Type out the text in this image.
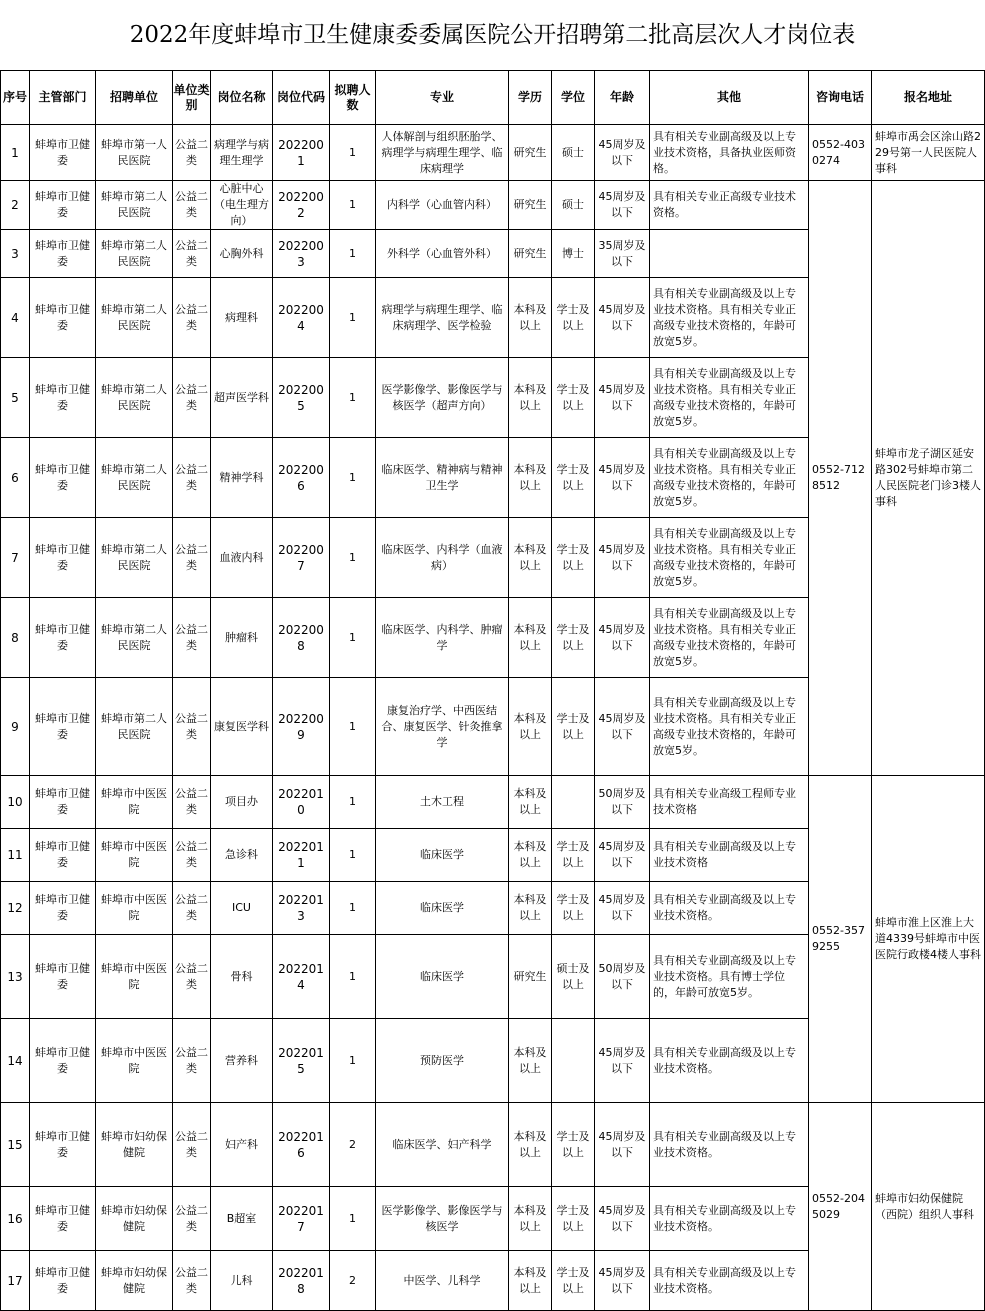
2022年度蚌埠市卫生健康委委属医院公开招聘第二批高层次人才岗位表
序号	主管部门	招聘单位	单位类别	岗位名称	岗位代码	拟聘人数	专业	学历	学位	年龄	其他	咨询电话	报名地址
1	蚌埠市卫健委	蚌埠市第一人民医院	公益二类	病理学与病理生理学	2022001	1	人体解剖与组织胚胎学、病理学与病理生理学、临床病理学	研究生	硕士	45周岁及以下	具有相关专业副高级及以上专业技术资格，具备执业医师资格。	0552-4030274	蚌埠市禹会区涂山路229号第一人民医院人事科
2	蚌埠市卫健委	蚌埠市第二人民医院	公益二类	心脏中心（电生理方向）	2022002	1	内科学（心血管内科）	研究生	硕士	45周岁及以下	具有相关专业正高级专业技术资格。	0552-7128512	蚌埠市龙子湖区延安路302号蚌埠市第二人民医院老门诊3楼人事科
3	蚌埠市卫健委	蚌埠市第二人民医院	公益二类	心胸外科	2022003	1	外科学（心血管外科）	研究生	博士	35周岁及以下			
4	蚌埠市卫健委	蚌埠市第二人民医院	公益二类	病理科	2022004	1	病理学与病理生理学、临床病理学、医学检验	本科及以上	学士及以上	45周岁及以下	具有相关专业副高级及以上专业技术资格。具有相关专业正高级专业技术资格的，年龄可放宽5岁。		
5	蚌埠市卫健委	蚌埠市第二人民医院	公益二类	超声医学科	2022005	1	医学影像学、影像医学与核医学（超声方向）	本科及以上	学士及以上	45周岁及以下	具有相关专业副高级及以上专业技术资格。具有相关专业正高级专业技术资格的，年龄可放宽5岁。		
6	蚌埠市卫健委	蚌埠市第二人民医院	公益二类	精神学科	2022006	1	临床医学、精神病与精神卫生学	本科及以上	学士及以上	45周岁及以下	具有相关专业副高级及以上专业技术资格。具有相关专业正高级专业技术资格的，年龄可放宽5岁。		
7	蚌埠市卫健委	蚌埠市第二人民医院	公益二类	血液内科	2022007	1	临床医学、内科学（血液病）	本科及以上	学士及以上	45周岁及以下	具有相关专业副高级及以上专业技术资格。具有相关专业正高级专业技术资格的，年龄可放宽5岁。		
8	蚌埠市卫健委	蚌埠市第二人民医院	公益二类	肿瘤科	2022008	1	临床医学、内科学、肿瘤学	本科及以上	学士及以上	45周岁及以下	具有相关专业副高级及以上专业技术资格。具有相关专业正高级专业技术资格的，年龄可放宽5岁。		
9	蚌埠市卫健委	蚌埠市第二人民医院	公益二类	康复医学科	2022009	1	康复治疗学、中西医结合、康复医学、针灸推拿学	本科及以上	学士及以上	45周岁及以下	具有相关专业副高级及以上专业技术资格。具有相关专业正高级专业技术资格的，年龄可放宽5岁。		
10	蚌埠市卫健委	蚌埠市中医医院	公益二类	项目办	2022010	1	土木工程	本科及以上		50周岁及以下	具有相关专业高级工程师专业技术资格	0552-3579255	蚌埠市淮上区淮上大道4339号蚌埠市中医医院行政楼4楼人事科
11	蚌埠市卫健委	蚌埠市中医医院	公益二类	急诊科	2022011	1	临床医学	本科及以上	学士及以上	45周岁及以下	具有相关专业副高级及以上专业技术资格		
12	蚌埠市卫健委	蚌埠市中医医院	公益二类	ICU	2022013	1	临床医学	本科及以上	学士及以上	45周岁及以下	具有相关专业副高级及以上专业技术资格。		
13	蚌埠市卫健委	蚌埠市中医医院	公益二类	骨科	2022014	1	临床医学	研究生	硕士及以上	50周岁及以下	具有相关专业副高级及以上专业技术资格。具有博士学位的，年龄可放宽5岁。		
14	蚌埠市卫健委	蚌埠市中医医院	公益二类	营养科	2022015	1	预防医学	本科及以上		45周岁及以下	具有相关专业副高级及以上专业技术资格。		
15	蚌埠市卫健委	蚌埠市妇幼保健院	公益二类	妇产科	2022016	2	临床医学、妇产科学	本科及以上	学士及以上	45周岁及以下	具有相关专业副高级及以上专业技术资格。	0552-2045029	蚌埠市妇幼保健院（西院）组织人事科
16	蚌埠市卫健委	蚌埠市妇幼保健院	公益二类	B超室	2022017	1	医学影像学、影像医学与核医学	本科及以上	学士及以上	45周岁及以下	具有相关专业副高级及以上专业技术资格。		
17	蚌埠市卫健委	蚌埠市妇幼保健院	公益二类	儿科	2022018	2	中医学、儿科学	本科及以上	学士及以上	45周岁及以下	具有相关专业副高级及以上专业技术资格。		
